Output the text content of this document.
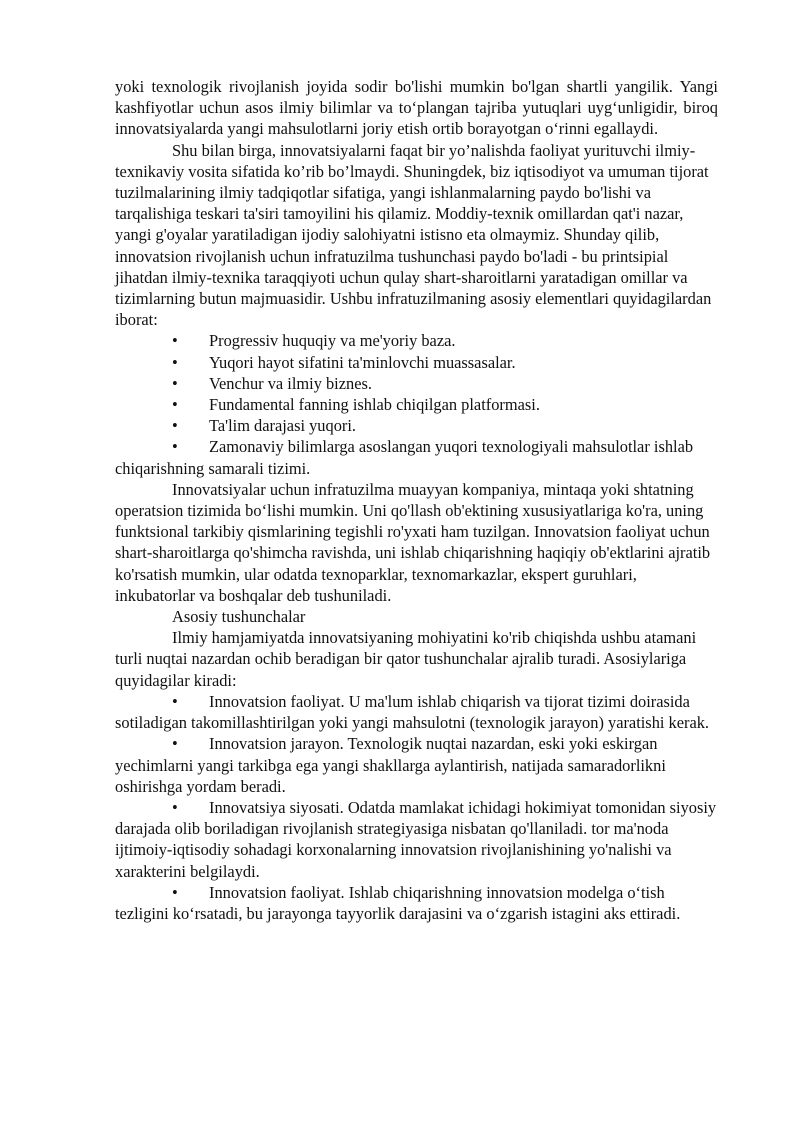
yoki texnologik rivojlanish joyida sodir bo'lishi mumkin bo'lgan shartli yangilik. Yangi kashfiyotlar uchun asos ilmiy bilimlar va to‘plangan tajriba yutuqlari uyg‘unligidir, biroq innovatsiyalarda yangi mahsulotlarni joriy etish ortib borayotgan o‘rinni egallaydi.

Shu bilan birga, innovatsiyalarni faqat bir yo’nalishda faoliyat yurituvchi ilmiy-texnikaviy vosita sifatida ko’rib bo’lmaydi. Shuningdek, biz iqtisodiyot va umuman tijorat tuzilmalarining ilmiy tadqiqotlar sifatiga, yangi ishlanmalarning paydo bo'lishi va tarqalishiga teskari ta'siri tamoyilini his qilamiz. Moddiy-texnik omillardan qat'i nazar, yangi g'oyalar yaratiladigan ijodiy salohiyatni istisno eta olmaymiz. Shunday qilib, innovatsion rivojlanish uchun infratuzilma tushunchasi paydo bo'ladi - bu printsipial jihatdan ilmiy-texnika taraqqiyoti uchun qulay shart-sharoitlarni yaratadigan omillar va tizimlarning butun majmuasidir. Ushbu infratuzilmaning asosiy elementlari quyidagilardan iborat:

•	Progressiv huquqiy va me'yoriy baza.
•	Yuqori hayot sifatini ta'minlovchi muassasalar.
•	Venchur va ilmiy biznes.
•	Fundamental fanning ishlab chiqilgan platformasi.
•	Ta'lim darajasi yuqori.
•	Zamonaviy bilimlarga asoslangan yuqori texnologiyali mahsulotlar ishlab chiqarishning samarali tizimi.

Innovatsiyalar uchun infratuzilma muayyan kompaniya, mintaqa yoki shtatning operatsion tizimida bo‘lishi mumkin. Uni qo'llash ob'ektining xususiyatlariga ko'ra, uning funktsional tarkibiy qismlarining tegishli ro'yxati ham tuzilgan. Innovatsion faoliyat uchun shart-sharoitlarga qo'shimcha ravishda, uni ishlab chiqarishning haqiqiy ob'ektlarini ajratib ko'rsatish mumkin, ular odatda texnoparklar, texnomarkazlar, ekspert guruhlari, inkubatorlar va boshqalar deb tushuniladi.

Asosiy tushunchalar

Ilmiy hamjamiyatda innovatsiyaning mohiyatini ko'rib chiqishda ushbu atamani turli nuqtai nazardan ochib beradigan bir qator tushunchalar ajralib turadi. Asosiylariga quyidagilar kiradi:

•	Innovatsion faoliyat. U ma'lum ishlab chiqarish va tijorat tizimi doirasida sotiladigan takomillashtirilgan yoki yangi mahsulotni (texnologik jarayon) yaratishi kerak.
•	Innovatsion jarayon. Texnologik nuqtai nazardan, eski yoki eskirgan yechimlarni yangi tarkibga ega yangi shakllarga aylantirish, natijada samaradorlikni oshirishga yordam beradi.
•	Innovatsiya siyosati. Odatda mamlakat ichidagi hokimiyat tomonidan siyosiy darajada olib boriladigan rivojlanish strategiyasiga nisbatan qo'llaniladi. tor ma'noda ijtimoiy-iqtisodiy sohadagi korxonalarning innovatsion rivojlanishining yo'nalishi va xarakterini belgilaydi.
•	Innovatsion faoliyat. Ishlab chiqarishning innovatsion modelga o‘tish tezligini ko‘rsatadi, bu jarayonga tayyorlik darajasini va o‘zgarish istagini aks ettiradi.
